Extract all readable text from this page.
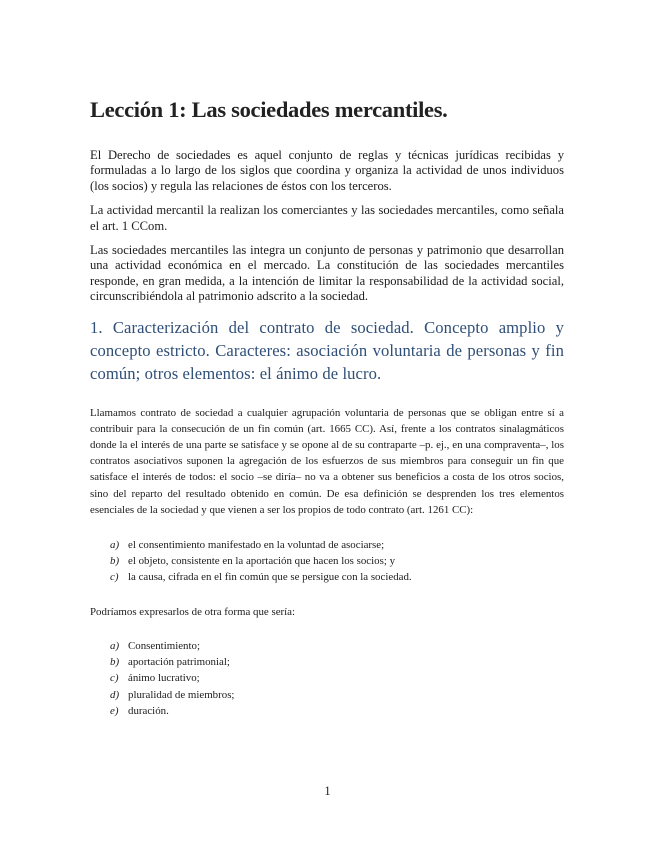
Lección 1: Las sociedades mercantiles.

El Derecho de sociedades es aquel conjunto de reglas y técnicas jurídicas recibidas y formuladas a lo largo de los siglos que coordina y organiza la actividad de unos individuos (los socios) y regula las relaciones de éstos con los terceros.

La actividad mercantil la realizan los comerciantes y las sociedades mercantiles, como señala el art. 1 CCom.

Las sociedades mercantiles las integra un conjunto de personas y patrimonio que desarrollan una actividad económica en el mercado. La constitución de las sociedades mercantiles responde, en gran medida, a la intención de limitar la responsabilidad de la actividad social, circunscribiéndola al patrimonio adscrito a la sociedad.

1. Caracterización del contrato de sociedad. Concepto amplio y concepto estricto. Caracteres: asociación voluntaria de personas y fin común; otros elementos: el ánimo de lucro.

Llamamos contrato de sociedad a cualquier agrupación voluntaria de personas que se obligan entre sí a contribuir para la consecución de un fin común (art. 1665 CC). Así, frente a los contratos sinalagmáticos donde la el interés de una parte se satisface y se opone al de su contraparte –p. ej., en una compraventa–, los contratos asociativos suponen la agregación de los esfuerzos de sus miembros para conseguir un fin que satisface el interés de todos: el socio –se diría– no va a obtener sus beneficios a costa de los otros socios, sino del reparto del resultado obtenido en común. De esa definición se desprenden los tres elementos esenciales de la sociedad y que vienen a ser los propios de todo contrato (art. 1261 CC):

a) el consentimiento manifestado en la voluntad de asociarse;
b) el objeto, consistente en la aportación que hacen los socios; y
c) la causa, cifrada en el fin común que se persigue con la sociedad.

Podríamos expresarlos de otra forma que sería:

a) Consentimiento;
b) aportación patrimonial;
c) ánimo lucrativo;
d) pluralidad de miembros;
e) duración.
1
